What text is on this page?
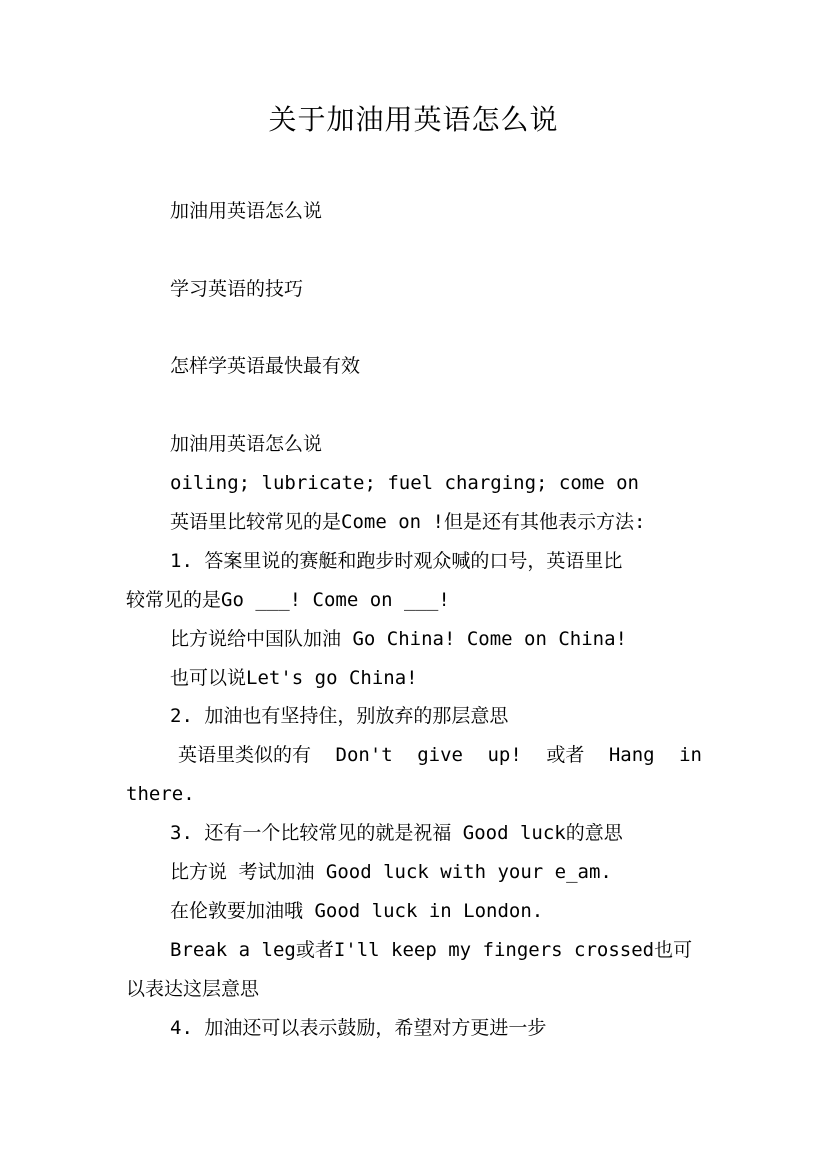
关于加油用英语怎么说
加油用英语怎么说
学习英语的技巧
怎样学英语最快最有效
加油用英语怎么说
oiling; lubricate; fuel charging; come on
英语里比较常见的是Come on !但是还有其他表示方法:
1. 答案里说的赛艇和跑步时观众喊的口号，英语里比
较常见的是Go ___! Come on ___!
比方说给中国队加油 Go China! Come on China!
也可以说Let's go China!
2. 加油也有坚持住，别放弃的那层意思
英语里类似的有 Don't give up! 或者 Hang in
there.
3. 还有一个比较常见的就是祝福 Good luck的意思
比方说 考试加油 Good luck with your e_am.
在伦敦要加油哦 Good luck in London.
Break a leg或者I'll keep my fingers crossed也可
以表达这层意思
4. 加油还可以表示鼓励，希望对方更进一步
